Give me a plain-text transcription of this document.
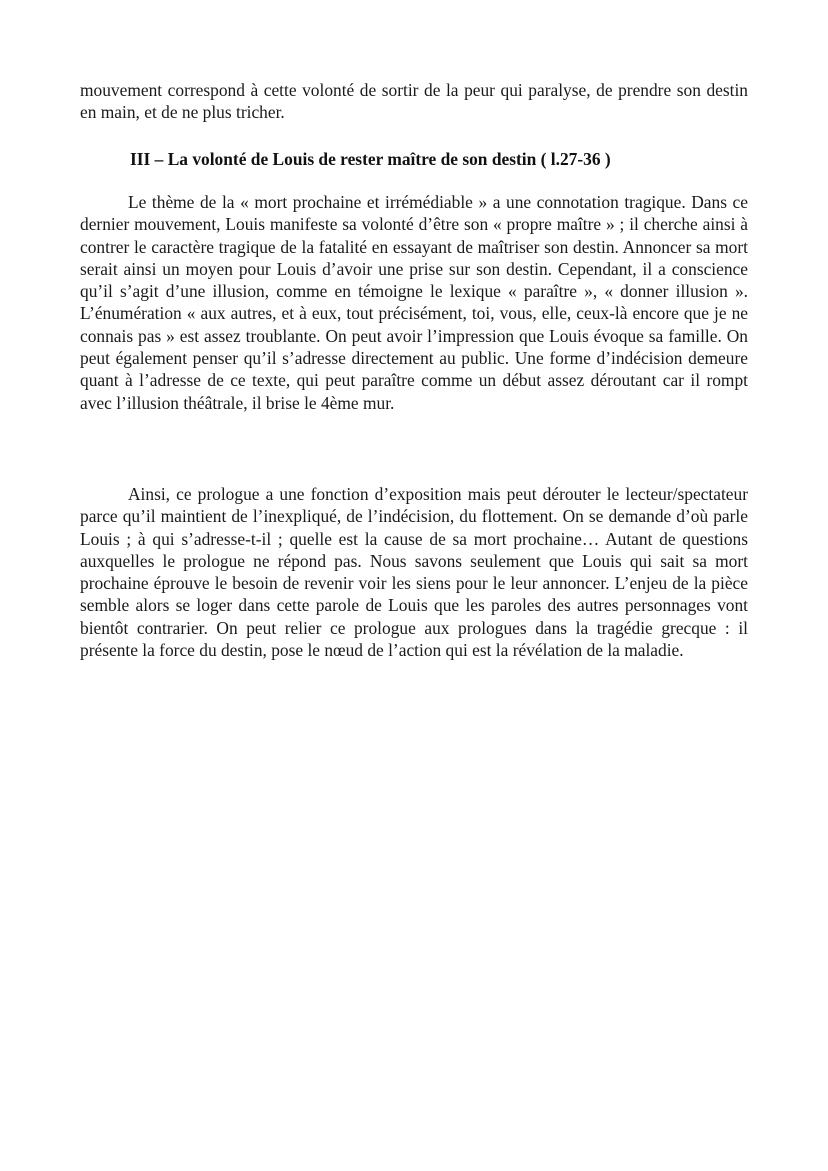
mouvement correspond à cette volonté de sortir de la peur qui paralyse, de prendre son destin en main, et de ne plus tricher.

III – La volonté de Louis de rester maître de son destin ( l.27-36 )

Le thème de la « mort prochaine et irrémédiable » a une connotation tragique. Dans ce dernier mouvement, Louis manifeste sa volonté d’être son « propre maître » ; il cherche ainsi à contrer le caractère tragique de la fatalité en essayant de maîtriser son destin. Annoncer sa mort serait ainsi un moyen pour Louis d’avoir une prise sur son destin. Cependant, il a conscience qu’il s’agit d’une illusion, comme en témoigne le lexique « paraître », « donner illusion ». L’énumération « aux autres, et à eux, tout précisément, toi, vous, elle, ceux-là encore que je ne connais pas » est assez troublante. On peut avoir l’impression que Louis évoque sa famille. On peut également penser qu’il s’adresse directement au public. Une forme d’indécision demeure quant à l’adresse de ce texte, qui peut paraître comme un début assez déroutant car il rompt avec l’illusion théâtrale, il brise le 4ème mur.

Ainsi, ce prologue a une fonction d’exposition mais peut dérouter le lecteur/spectateur parce qu’il maintient de l’inexpliqué, de l’indécision, du flottement. On se demande d’où parle Louis ; à qui s’adresse-t-il ; quelle est la cause de sa mort prochaine… Autant de questions auxquelles le prologue ne répond pas. Nous savons seulement que Louis qui sait sa mort prochaine éprouve le besoin de revenir voir les siens pour le leur annoncer. L’enjeu de la pièce semble alors se loger dans cette parole de Louis que les paroles des autres personnages vont bientôt contrarier. On peut relier ce prologue aux prologues dans la tragédie grecque : il présente la force du destin, pose le nœud de l’action qui est la révélation de la maladie.
